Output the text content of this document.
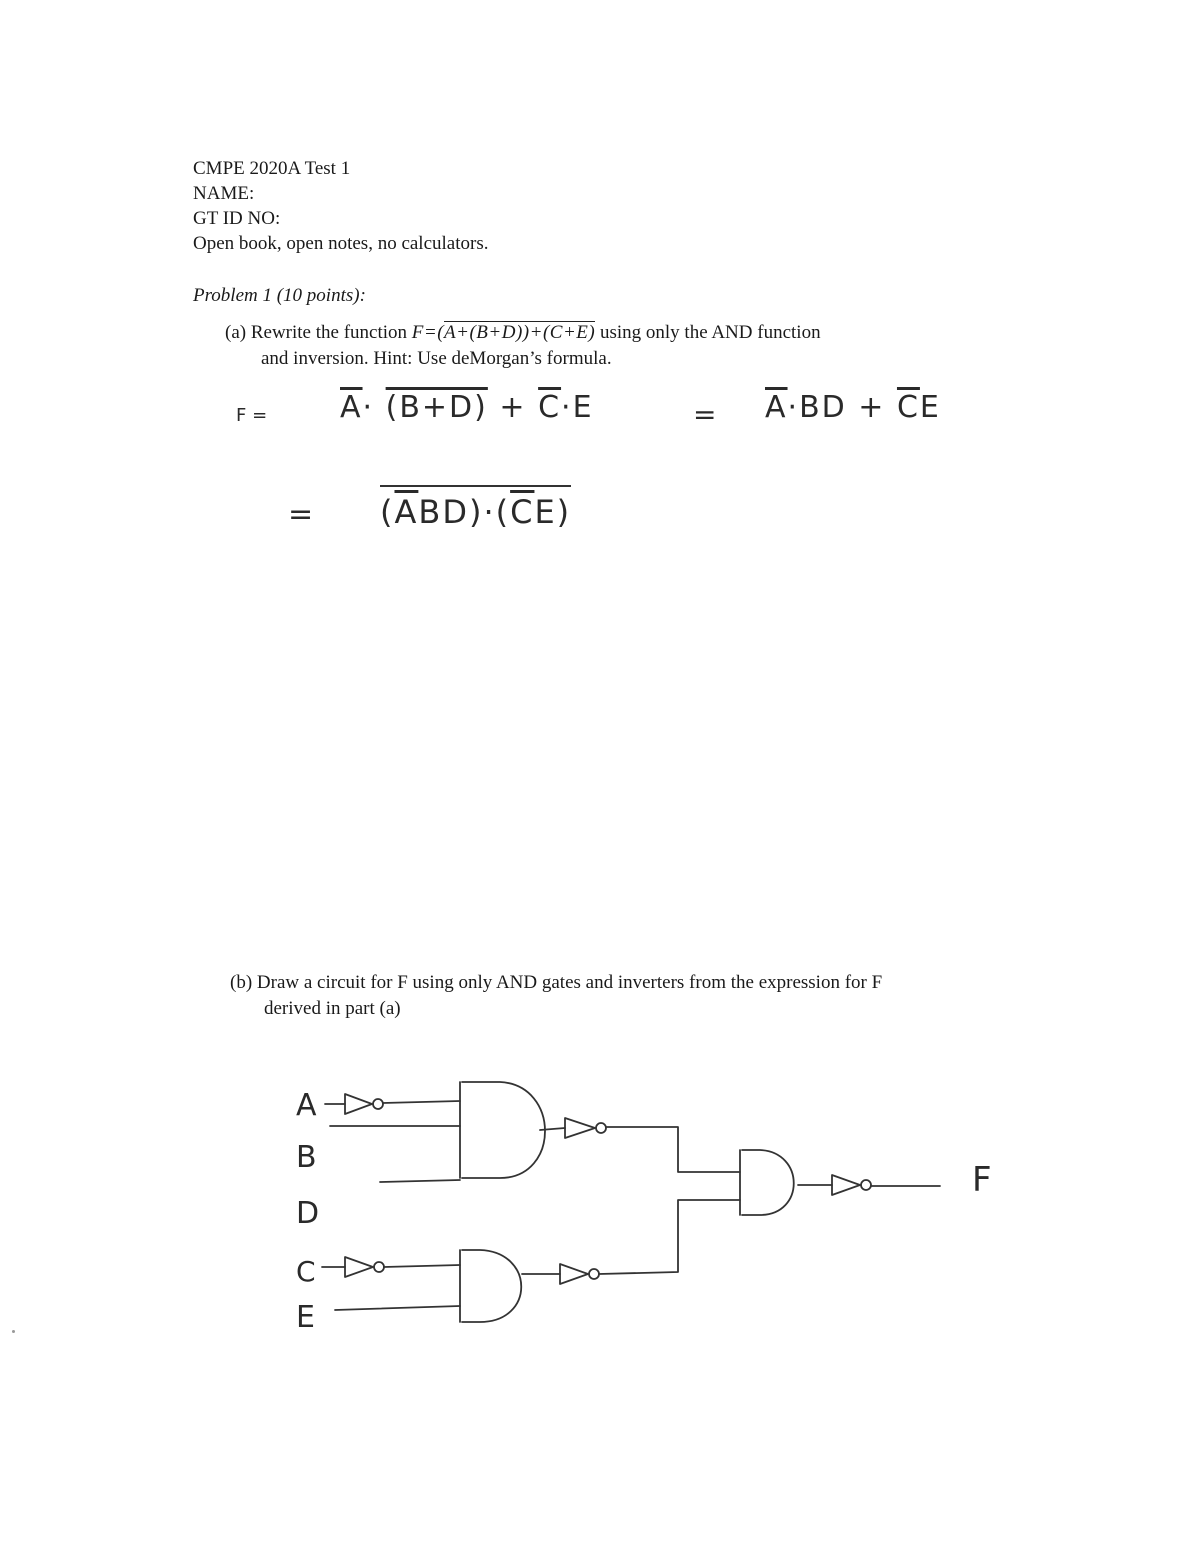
CMPE 2020A Test 1
NAME:
GT ID NO:
Open book, open notes, no calculators.
Problem 1 (10 points):
(a) Rewrite the function $F=(A+(\overline{B}+\overline{D}))+(C+E)$ using only the AND function
and inversion. Hint: Use deMorgan’s formula.
$F = \overline{A}\cdot (B+D) + \overline{C}\cdot E$	= $\overline{A}\cdot BD + \overline{C}E$
= $(\overline{A}BD)\cdot(\overline{C}E)$
(b) Draw a circuit for F using only AND gates and inverters from the expression for F
derived in part (a)
A
B
D
C
E
F
